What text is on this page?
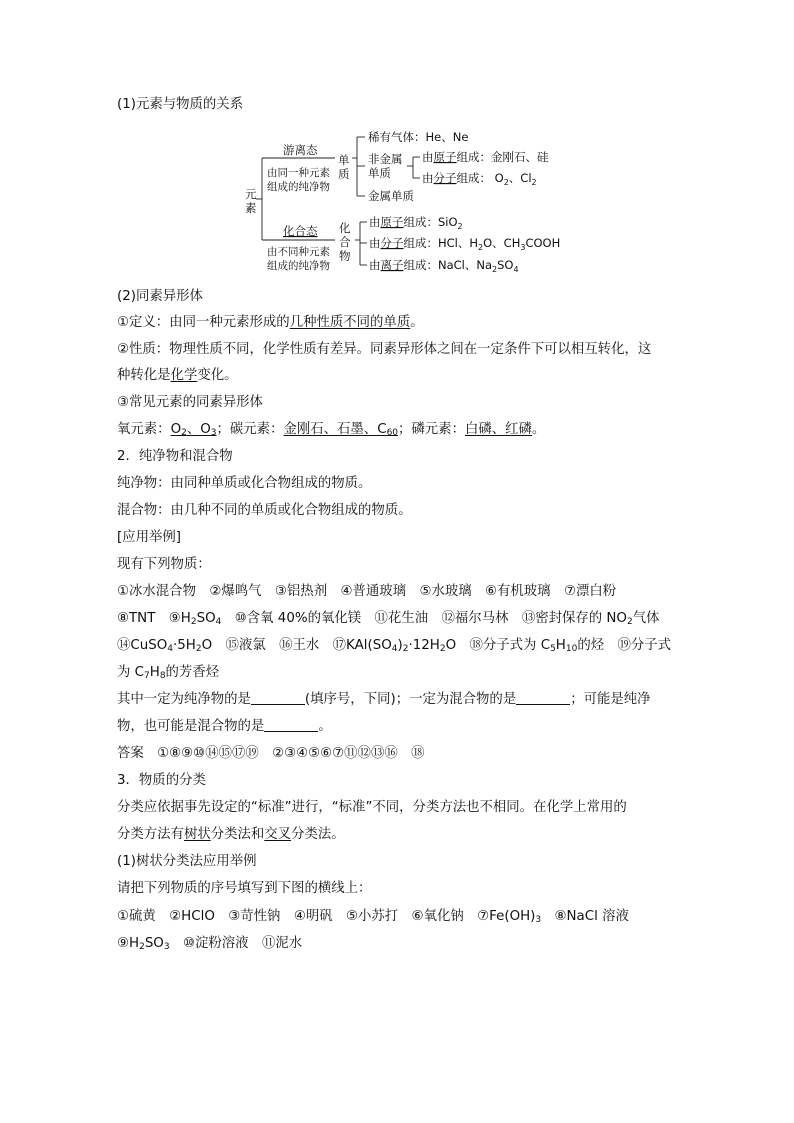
(1)元素与物质的关系
元
素
游离态
由同一种元素
组成的纯净物
化合态
由不同种元素
组成的纯净物
单
质
化
合
物
稀有气体：He、Ne
非金属
单质
金属单质
由原子组成：金刚石、硅
由分子组成： $O_2$、$Cl_2$
由原子组成：SiO$_2$
由分子组成：HCl、$H_2O$、$CH_3COOH$
由离子组成：NaCl、$Na_2SO_4$
(2)同素异形体
①定义：由同一种元素形成的几种性质不同的单质。
②性质：物理性质不同，化学性质有差异。同素异形体之间在一定条件下可以相互转化，这
种转化是化学变化。
③常见元素的同素异形体
氧元素：$O_2$、$O_3$；碳元素：金刚石、石墨、$C_{60}$；磷元素：白磷、红磷。
2．纯净物和混合物
纯净物：由同种单质或化合物组成的物质。
混合物：由几种不同的单质或化合物组成的物质。
[应用举例]
现有下列物质：
①冰水混合物　②爆鸣气　③铝热剂　④普通玻璃　⑤水玻璃　⑥有机玻璃　⑦漂白粉
⑧TNT　$⑨H_2SO_4$　⑩含氧 40%的氧化镁　⑪花生油　⑫福尔马林　⑬密封保存的 $NO_2$气体
$⑭CuSO_4\cdot 5H_2O$　⑮液氯　⑯王水　$⑰KAl(SO_4)_2\cdot 12H_2O$　⑱分子式为 $C_5H_{10}$的烃　⑲分子式
为 $C_7H_8$的芳香烃
其中一定为纯净物的是	(填序号，下同)；一定为混合物的是	；可能是纯净
物，也可能是混合物的是	。
答案　①⑧⑨⑩⑭⑮⑰⑲　②③④⑤⑥⑦⑪⑫⑬⑯　⑱
3．物质的分类
分类应依据事先设定的“标准”进行，“标准”不同，分类方法也不相同。在化学上常用的
分类方法有树状分类法和交叉分类法。
(1)树状分类法应用举例
请把下列物质的序号填写到下图的横线上：
①硫黄　②HClO　③苛性钠　④明矾　⑤小苏打　⑥氧化钠　$⑦Fe(OH)_3$　⑧NaCl 溶液
$⑨H_2SO_3$　⑩淀粉溶液　⑪泥水
